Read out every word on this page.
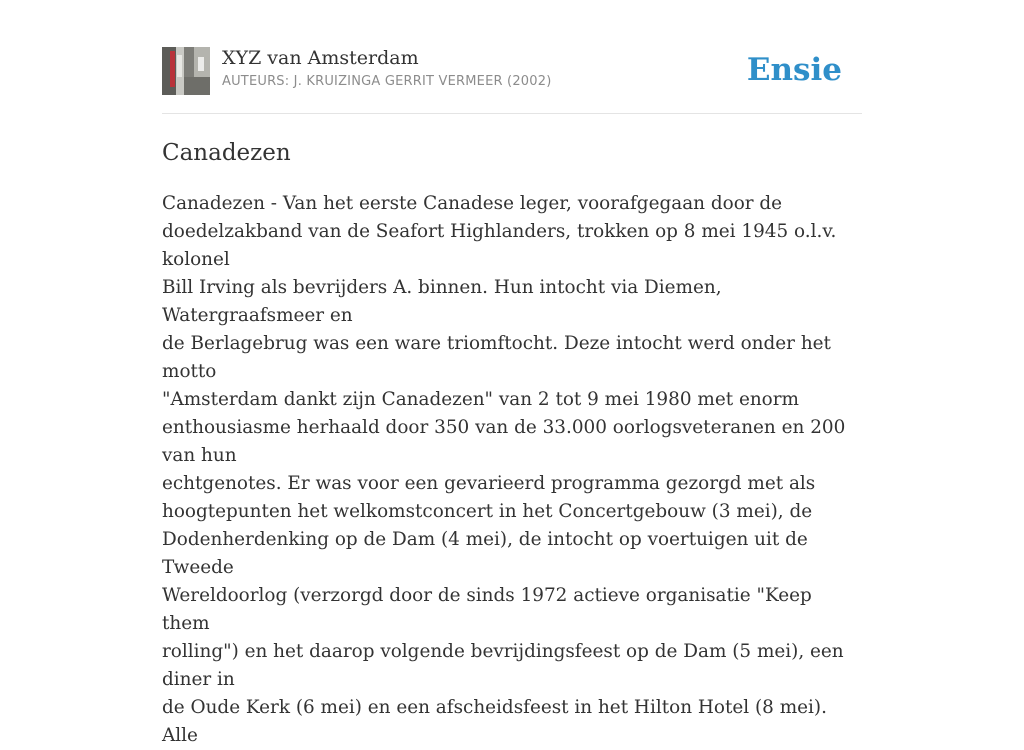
XYZ van Amsterdam
AUTEURS: J. KRUIZINGA GERRIT VERMEER (2002)	Ensie
Canadezen
Canadezen - Van het eerste Canadese leger, voorafgegaan door de
doedelzakband van de Seafort Highlanders, trokken op 8 mei 1945 o.l.v. kolonel
Bill Irving als bevrijders A. binnen. Hun intocht via Diemen, Watergraafsmeer en
de Berlagebrug was een ware triomftocht. Deze intocht werd onder het motto
"Amsterdam dankt zijn Canadezen" van 2 tot 9 mei 1980 met enorm
enthousiasme herhaald door 350 van de 33.000 oorlogsveteranen en 200 van hun
echtgenotes. Er was voor een gevarieerd programma gezorgd met als
hoogtepunten het welkomstconcert in het Concertgebouw (3 mei), de
Dodenherdenking op de Dam (4 mei), de intocht op voertuigen uit de Tweede
Wereldoorlog (verzorgd door de sinds 1972 actieve organisatie "Keep them
rolling") en het daarop volgende bevrijdingsfeest op de Dam (5 mei), een diner in
de Oude Kerk (6 mei) en een afscheidsfeest in het Hilton Hotel (8 mei). Alle
